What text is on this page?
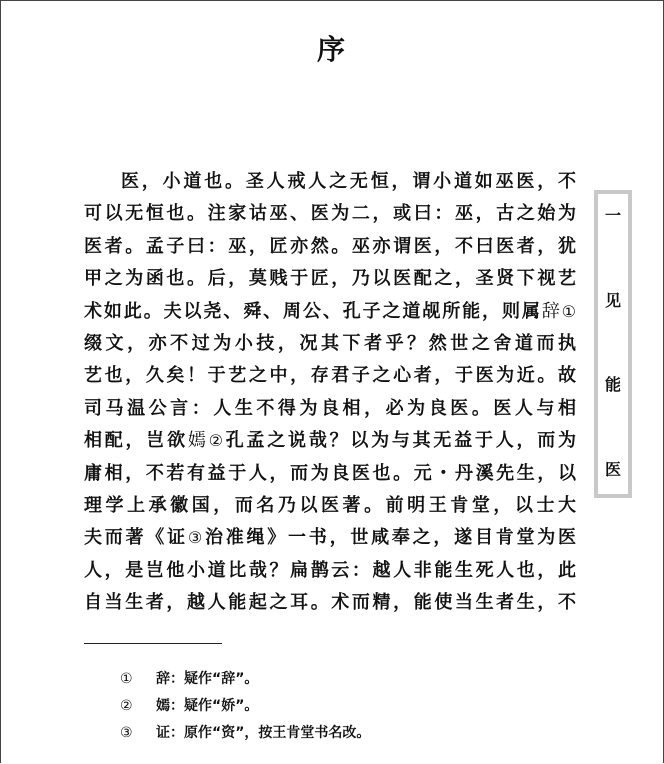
序
医，小道也。圣人戒人之无恒，谓小道如巫医，不
可以无恒也。注家诂巫、医为二，或曰：巫，古之始为
医者。孟子曰：巫，匠亦然。巫亦谓医，不曰医者，犹
甲之为函也。后，莫贱于匠，乃以医配之，圣贤下视艺
术如此。夫以尧、舜、周公、孔子之道觇所能，则属辞①
缀文，亦不过为小技，况其下者乎？然世之舍道而执
艺也，久矣！于艺之中，存君子之心者，于医为近。故
司马温公言：人生不得为良相，必为良医。医人与相
相配，岂欲嫣②孔孟之说哉？以为与其无益于人，而为
庸相，不若有益于人，而为良医也。元・丹溪先生，以
理学上承徽国，而名乃以医著。前明王肯堂，以士大
夫而著《证③治准绳》一书，世咸奉之，遂目肯堂为医
人，是岂他小道比哉？扁鹊云：越人非能生死人也，此
自当生者，越人能起之耳。术而精，能使当生者生，不
一
见
能
医
① 辞：疑作“辞”。
② 嫣：疑作“娇”。
③ 证：原作“资”，按王肯堂书名改。
